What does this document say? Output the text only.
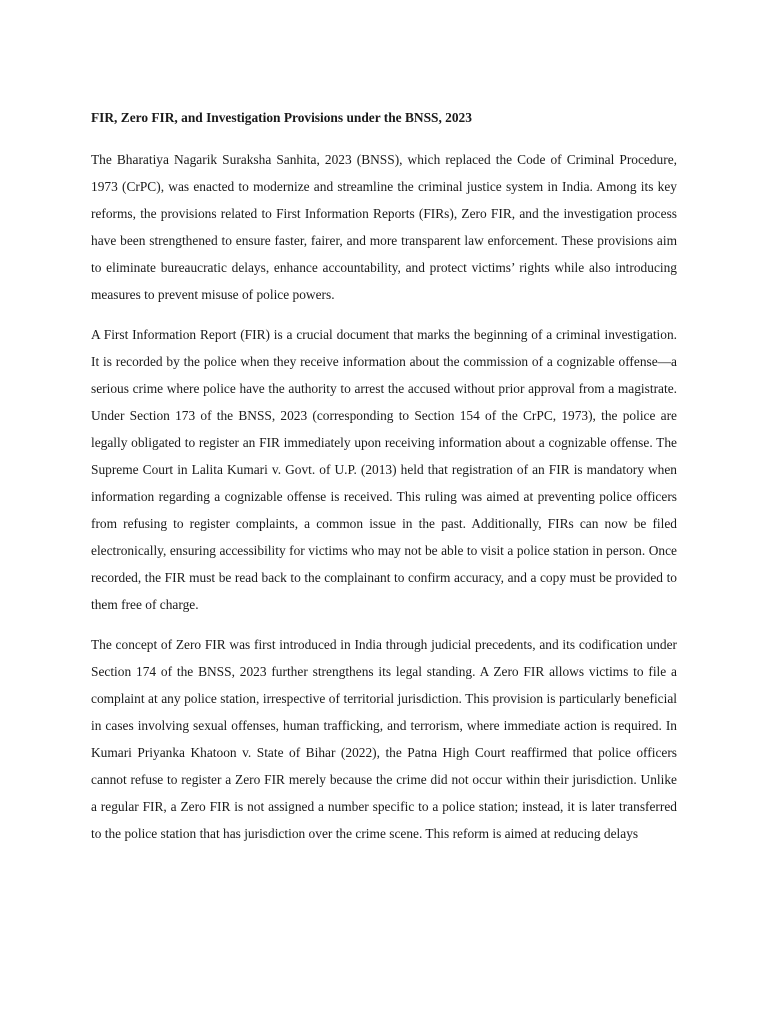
FIR, Zero FIR, and Investigation Provisions under the BNSS, 2023

The Bharatiya Nagarik Suraksha Sanhita, 2023 (BNSS), which replaced the Code of Criminal Procedure, 1973 (CrPC), was enacted to modernize and streamline the criminal justice system in India. Among its key reforms, the provisions related to First Information Reports (FIRs), Zero FIR, and the investigation process have been strengthened to ensure faster, fairer, and more transparent law enforcement. These provisions aim to eliminate bureaucratic delays, enhance accountability, and protect victims’ rights while also introducing measures to prevent misuse of police powers.

A First Information Report (FIR) is a crucial document that marks the beginning of a criminal investigation. It is recorded by the police when they receive information about the commission of a cognizable offense—a serious crime where police have the authority to arrest the accused without prior approval from a magistrate. Under Section 173 of the BNSS, 2023 (corresponding to Section 154 of the CrPC, 1973), the police are legally obligated to register an FIR immediately upon receiving information about a cognizable offense. The Supreme Court in Lalita Kumari v. Govt. of U.P. (2013) held that registration of an FIR is mandatory when information regarding a cognizable offense is received. This ruling was aimed at preventing police officers from refusing to register complaints, a common issue in the past. Additionally, FIRs can now be filed electronically, ensuring accessibility for victims who may not be able to visit a police station in person. Once recorded, the FIR must be read back to the complainant to confirm accuracy, and a copy must be provided to them free of charge.

The concept of Zero FIR was first introduced in India through judicial precedents, and its codification under Section 174 of the BNSS, 2023 further strengthens its legal standing. A Zero FIR allows victims to file a complaint at any police station, irrespective of territorial jurisdiction. This provision is particularly beneficial in cases involving sexual offenses, human trafficking, and terrorism, where immediate action is required. In Kumari Priyanka Khatoon v. State of Bihar (2022), the Patna High Court reaffirmed that police officers cannot refuse to register a Zero FIR merely because the crime did not occur within their jurisdiction. Unlike a regular FIR, a Zero FIR is not assigned a number specific to a police station; instead, it is later transferred to the police station that has jurisdiction over the crime scene. This reform is aimed at reducing delays
